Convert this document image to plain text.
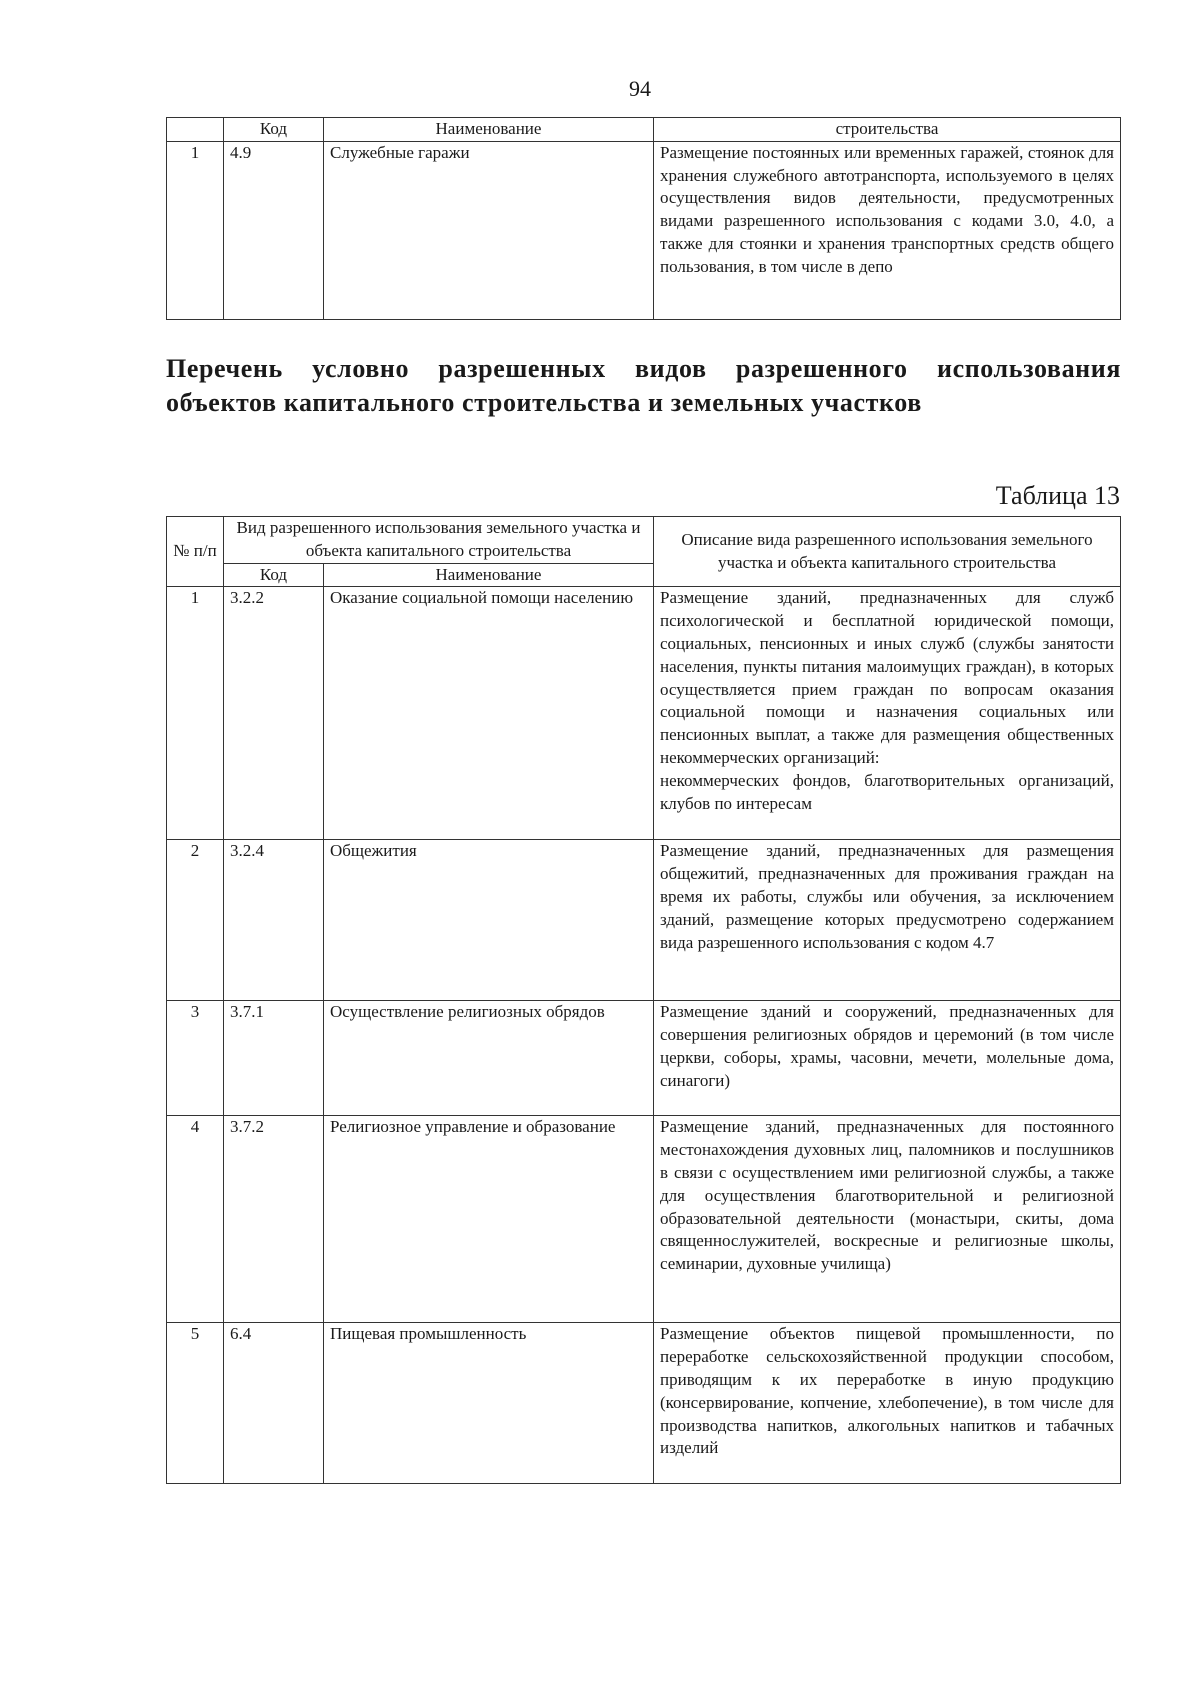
94
	Код	Наименование	строительства
1	4.9	Служебные гаражи	Размещение постоянных или временных гаражей, стоянок для хранения служебного автотранспорта, используемого в целях осуществления видов деятельности, предусмотренных видами разрешенного использования с кодами 3.0, 4.0, а также для стоянки и хранения транспортных средств общего пользования, в том числе в депо

Перечень условно разрешенных видов разрешенного использования объектов капитального строительства и земельных участков

Таблица 13
№ п/п	Вид разрешенного использования земельного участка и объекта капитального строительства		Описание вида разрешенного использования земельного участка и объекта капитального строительства
	Код	Наименование	
1	3.2.2	Оказание социальной помощи населению	Размещение зданий, предназначенных для служб психологической и бесплатной юридической помощи, социальных, пенсионных и иных служб (службы занятости населения, пункты питания малоимущих граждан), в которых осуществляется прием граждан по вопросам оказания социальной помощи и назначения социальных или пенсионных выплат, а также для размещения общественных некоммерческих организаций:
некоммерческих фондов, благотворительных организаций, клубов по интересам

2	3.2.4	Общежития	Размещение зданий, предназначенных для размещения общежитий, предназначенных для проживания граждан на время их работы, службы или обучения, за исключением зданий, размещение которых предусмотрено содержанием вида разрешенного использования с кодом 4.7
3	3.7.1	Осуществление религиозных обрядов	Размещение зданий и сооружений, предназначенных для совершения религиозных обрядов и церемоний (в том числе церкви, соборы, храмы, часовни, мечети, молельные дома, синагоги)
4	3.7.2	Религиозное управление и образование	Размещение зданий, предназначенных для постоянного местонахождения духовных лиц, паломников и послушников в связи с осуществлением ими религиозной службы, а также для осуществления благотворительной и религиозной образовательной деятельности (монастыри, скиты, дома священнослужителей, воскресные и религиозные школы, семинарии, духовные училища)
5	6.4	Пищевая промышленность	Размещение объектов пищевой промышленности, по переработке сельскохозяйственной продукции способом, приводящим к их переработке в иную продукцию (консервирование, копчение, хлебопечение), в том числе для производства напитков, алкогольных напитков и табачных изделий
